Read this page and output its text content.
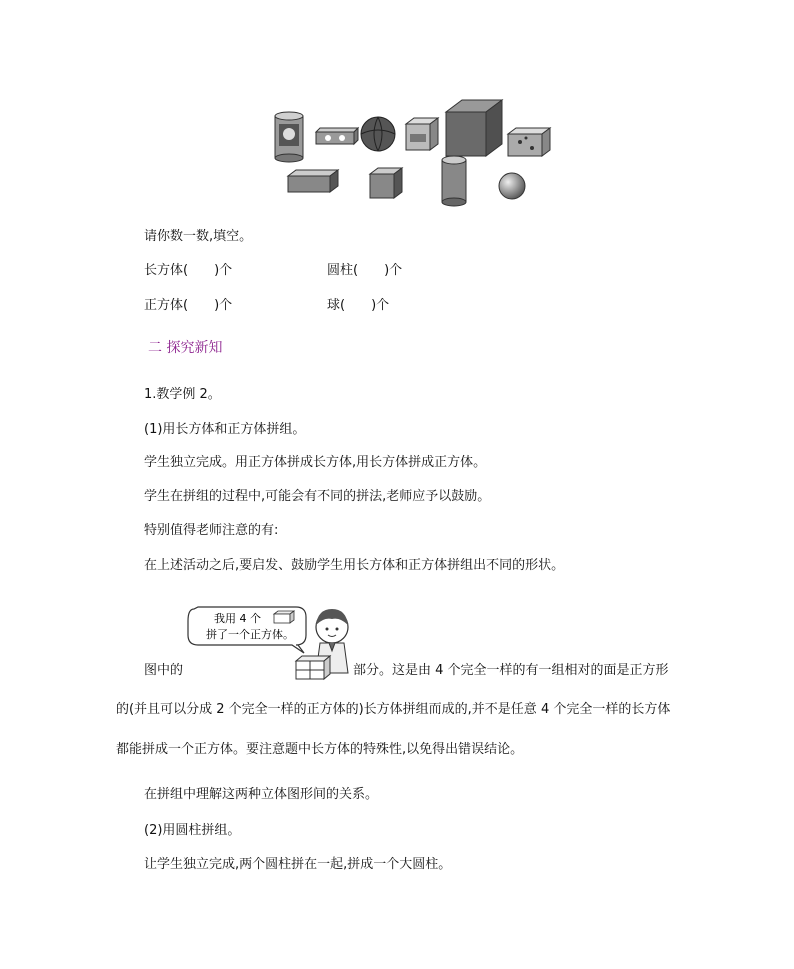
请你数一数,填空。
长方体(　　)个	圆柱(　　)个
正方体(　　)个	球(　　)个
二 探究新知
1.教学例 2。
(1)用长方体和正方体拼组。
学生独立完成。用正方体拼成长方体,用长方体拼成正方体。
学生在拼组的过程中,可能会有不同的拼法,老师应予以鼓励。
特别值得老师注意的有:
在上述活动之后,要启发、鼓励学生用长方体和正方体拼组出不同的形状。
我用 4 个
拼了一个正方体。
图中的	部分。这是由 4 个完全一样的有一组相对的面是正方形
的(并且可以分成 2 个完全一样的正方体的)长方体拼组而成的,并不是任意 4 个完全一样的长方体
都能拼成一个正方体。要注意题中长方体的特殊性,以免得出错误结论。
在拼组中理解这两种立体图形间的关系。
(2)用圆柱拼组。
让学生独立完成,两个圆柱拼在一起,拼成一个大圆柱。
